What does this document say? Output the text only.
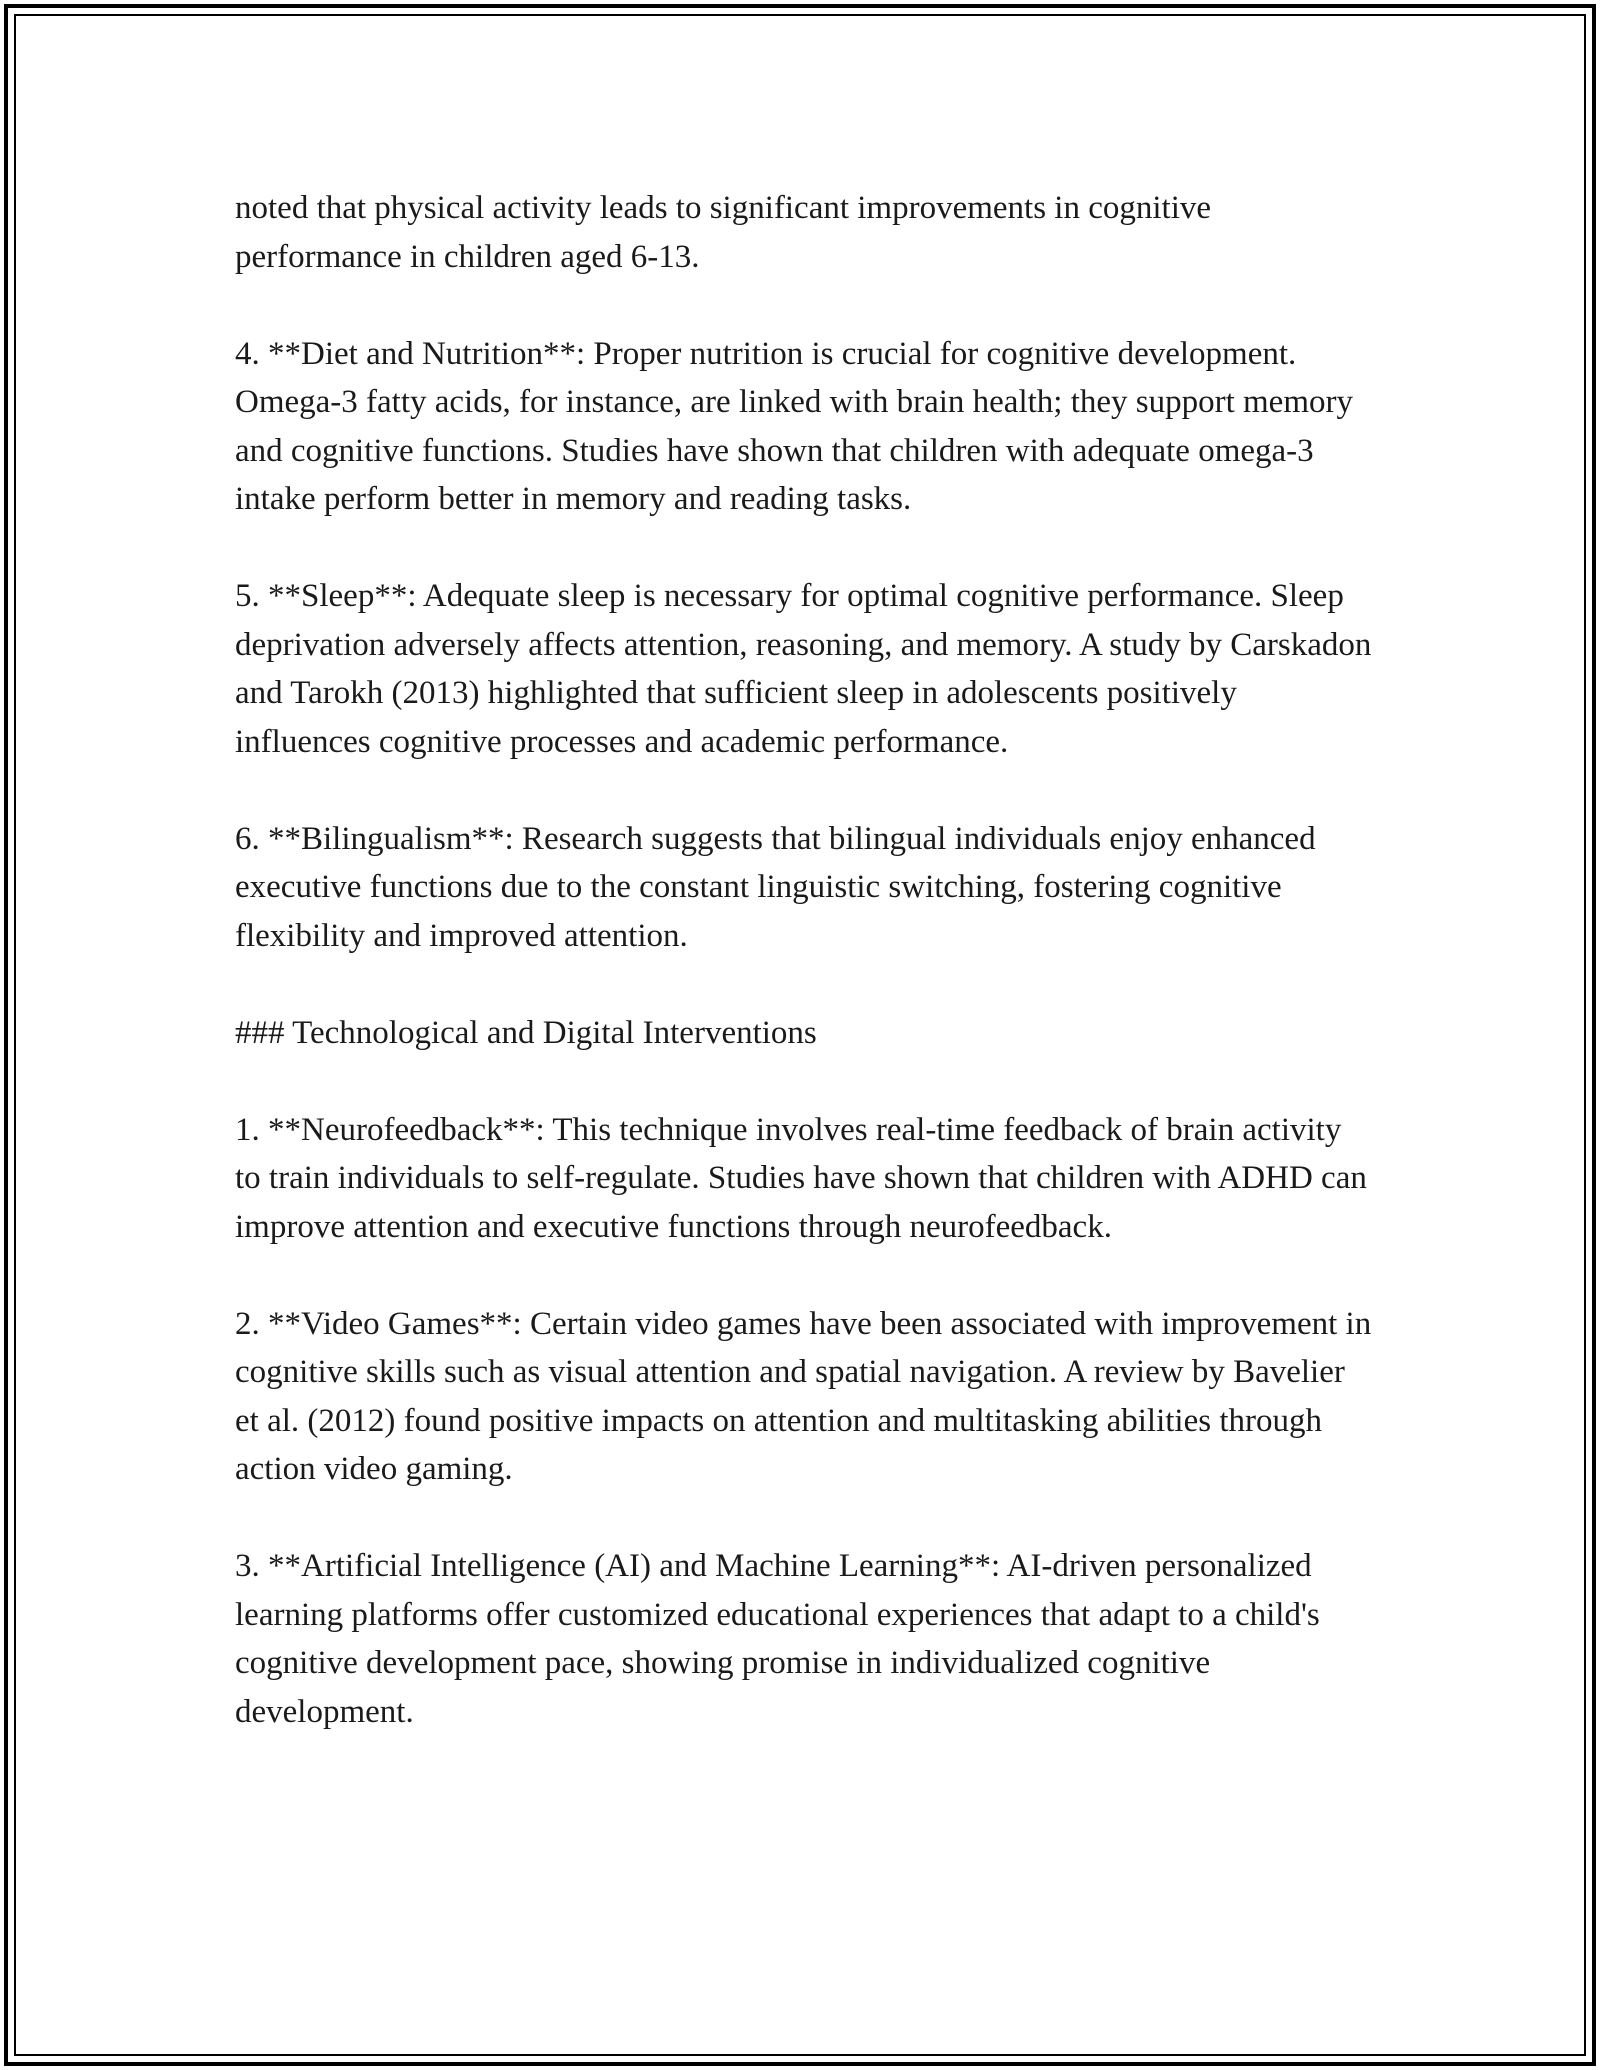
noted that physical activity leads to significant improvements in cognitive performance in children aged 6-13.

4. **Diet and Nutrition**: Proper nutrition is crucial for cognitive development. Omega-3 fatty acids, for instance, are linked with brain health; they support memory and cognitive functions. Studies have shown that children with adequate omega-3 intake perform better in memory and reading tasks.

5. **Sleep**: Adequate sleep is necessary for optimal cognitive performance. Sleep deprivation adversely affects attention, reasoning, and memory. A study by Carskadon and Tarokh (2013) highlighted that sufficient sleep in adolescents positively influences cognitive processes and academic performance.

6. **Bilingualism**: Research suggests that bilingual individuals enjoy enhanced executive functions due to the constant linguistic switching, fostering cognitive flexibility and improved attention.

### Technological and Digital Interventions

1. **Neurofeedback**: This technique involves real-time feedback of brain activity to train individuals to self-regulate. Studies have shown that children with ADHD can improve attention and executive functions through neurofeedback.

2. **Video Games**: Certain video games have been associated with improvement in cognitive skills such as visual attention and spatial navigation. A review by Bavelier et al. (2012) found positive impacts on attention and multitasking abilities through action video gaming.

3. **Artificial Intelligence (AI) and Machine Learning**: AI-driven personalized learning platforms offer customized educational experiences that adapt to a child's cognitive development pace, showing promise in individualized cognitive development.
